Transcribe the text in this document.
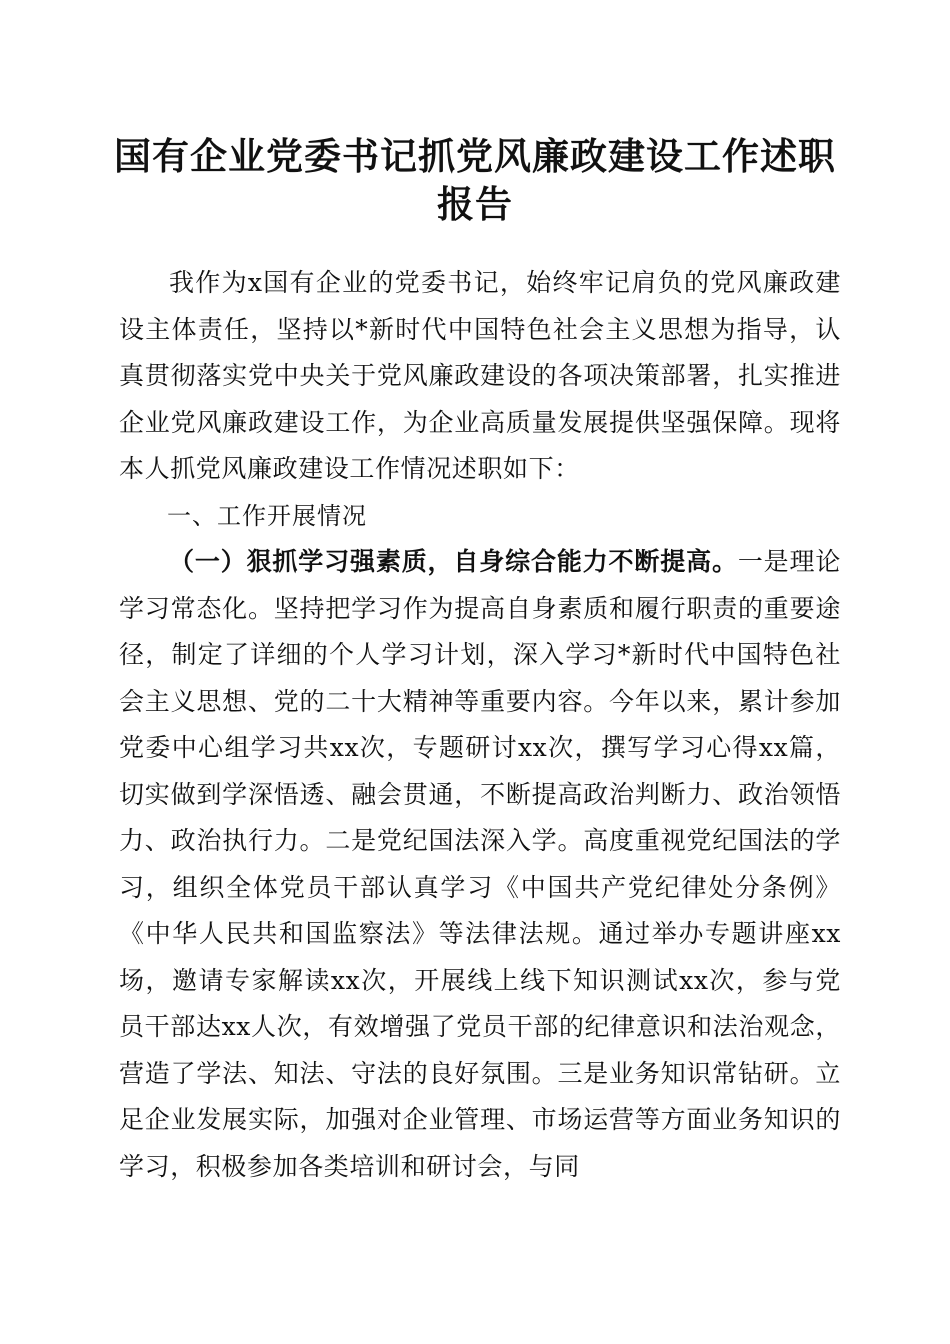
国有企业党委书记抓党风廉政建设工作述职报告

我作为x国有企业的党委书记，始终牢记肩负的党风廉政建设主体责任，坚持以*新时代中国特色社会主义思想为指导，认真贯彻落实党中央关于党风廉政建设的各项决策部署，扎实推进企业党风廉政建设工作，为企业高质量发展提供坚强保障。现将本人抓党风廉政建设工作情况述职如下：

一、工作开展情况

（一）狠抓学习强素质，自身综合能力不断提高。一是理论学习常态化。坚持把学习作为提高自身素质和履行职责的重要途径，制定了详细的个人学习计划，深入学习*新时代中国特色社会主义思想、党的二十大精神等重要内容。今年以来，累计参加党委中心组学习共xx次，专题研讨xx次，撰写学习心得xx篇，切实做到学深悟透、融会贯通，不断提高政治判断力、政治领悟力、政治执行力。二是党纪国法深入学。高度重视党纪国法的学习，组织全体党员干部认真学习《中国共产党纪律处分条例》《中华人民共和国监察法》等法律法规。通过举办专题讲座xx场，邀请专家解读xx次，开展线上线下知识测试xx次，参与党员干部达xx人次，有效增强了党员干部的纪律意识和法治观念，营造了学法、知法、守法的良好氛围。三是业务知识常钻研。立足企业发展实际，加强对企业管理、市场运营等方面业务知识的学习，积极参加各类培训和研讨会，与同
